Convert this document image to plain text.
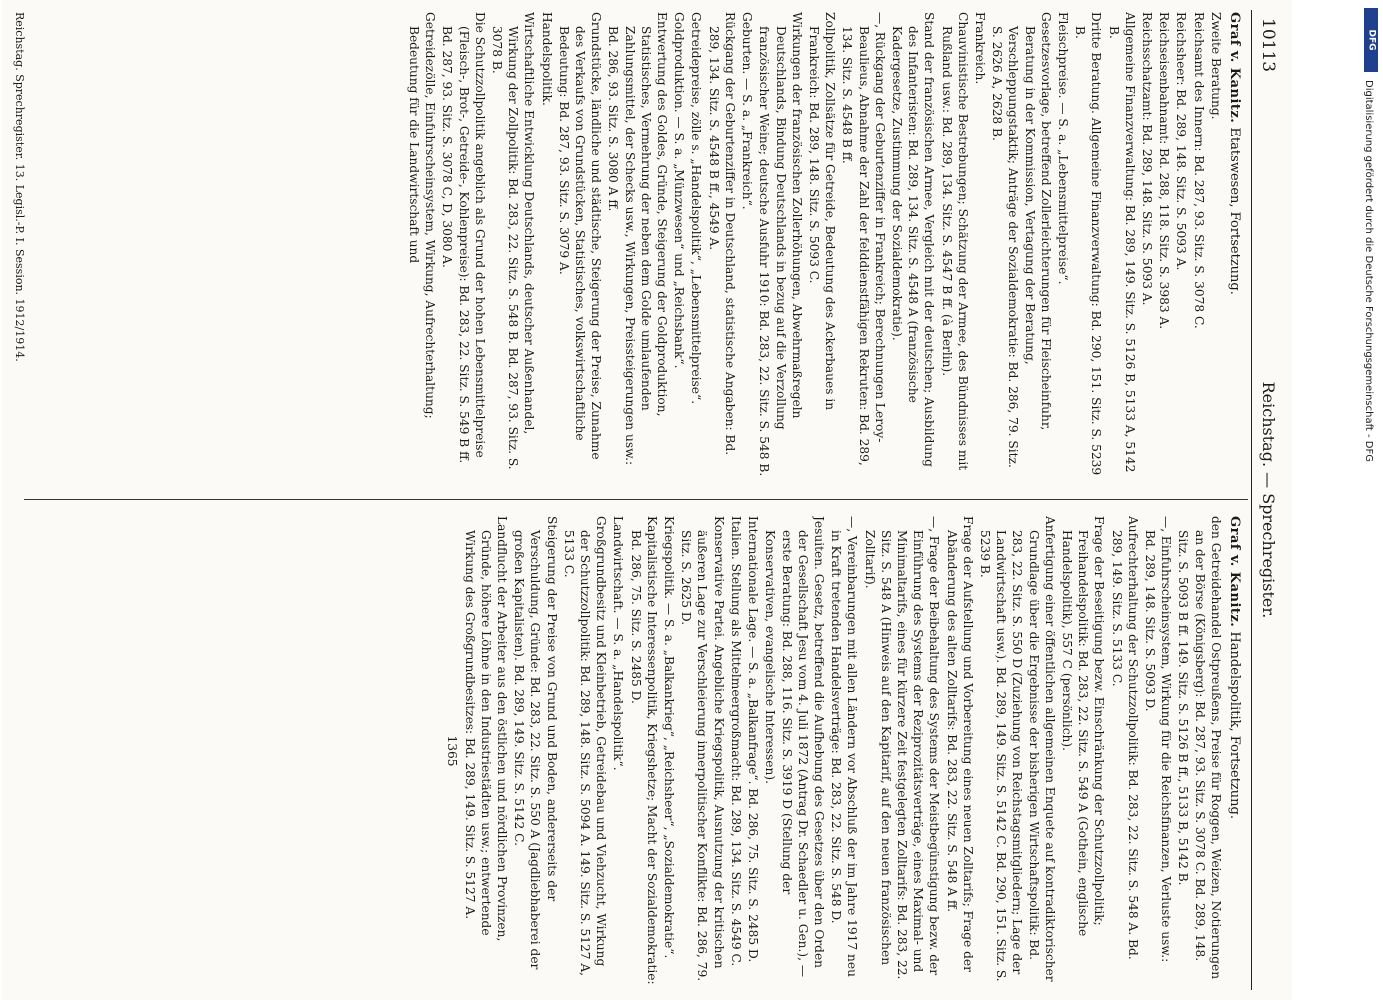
10113
Reichstag. — Sprechregister.
Graf v. Kanitz. Etatswesen, Fortsetzung.
Zweite Beratung.
Reichsamt des Innern: Bd. 287, 93. Sitz. S. 3078 C.
Reichsheer: Bd. 289, 148. Sitz. S. 5093 A.
Reichseisenbahnamt: Bd. 288, 118. Sitz. S. 3983 A.
Reichsschatzamt: Bd. 289, 148. Sitz. S. 5093 A.
Allgemeine Finanzverwaltung: Bd. 289, 149. Sitz. S. 5126 B, 5133 A, 5142 B.
Dritte Beratung. Allgemeine Finanzverwaltung: Bd. 290, 151. Sitz. S. 5239 B.
Fleischpreise. — S. a. „Lebensmittelpreise“.
Gesetzesvorlage, betreffend Zollerleichterungen für Fleischeinfuhr, Beratung in der Kommission, Vertagung der Beratung, Verschleppungstaktik; Anträge der Sozialdemokratie: Bd. 286, 79. Sitz. S. 2626 A, 2628 B.
Frankreich.
Chauvinistische Bestrebungen; Schätzung der Armee, des Bündnisses mit Rußland usw.: Bd. 289, 134. Sitz. S. 4547 B ff. (à Berlin).
Stand der französischen Armee, Vergleich mit der deutschen; Ausbildung des Infanteristen: Bd. 289, 134. Sitz. S. 4548 A (französische Kadergesetze, Zustimmung der Sozialdemokratie).
—, Rückgang der Geburtenziffer in Frankreich; Berechnungen Leroy-Beaulieus, Abnahme der Zahl der felddienstfähigen Rekruten: Bd. 289, 134. Sitz. S. 4548 B ff.
Zollpolitik, Zollsätze für Getreide, Bedeutung des Ackerbaues in Frankreich: Bd. 289, 148. Sitz. S. 5093 C.
Wirkungen der französischen Zollerhöhungen, Abwehrmaßregeln Deutschlands, Bindung Deutschlands in bezug auf die Verzollung französischer Weine; deutsche Ausfuhr 1910: Bd. 283, 22. Sitz. S. 548 B.
Geburten. — S. a. „Frankreich“.
Rückgang der Geburtenziffer in Deutschland, statistische Angaben: Bd. 289, 134. Sitz. S. 4548 B ff., 4549 A.
Getreidepreise, zölle s. „Handelspolitik“, „Lebensmittelpreise“.
Goldproduktion. — S. a. „Münzwesen“ und „Reichsbank“.
Entwertung des Goldes, Gründe, Steigerung der Goldproduktion, Statistisches, Vermehrung der neben dem Golde umlaufenden Zahlungsmittel, der Schecks usw., Wirkungen, Preissteigerungen usw.: Bd. 286, 93. Sitz. S. 3080 A ff.
Grundstücke, ländliche und städtische, Steigerung der Preise, Zunahme des Verkaufs von Grundstücken, Statistisches, volkswirtschaftliche Bedeutung: Bd. 287, 93. Sitz. S. 3079 A.
Handelspolitik.
Wirtschaftliche Entwicklung Deutschlands, deutscher Außenhandel, Wirkung der Zollpolitik: Bd. 283, 22. Sitz. S. 548 B. Bd. 287, 93. Sitz. S. 3078 B.
Die Schutzzollpolitik angeblich als Grund der hohen Lebensmittelpreise (Fleisch-, Brot-, Getreide-, Kohlenpreise): Bd. 283, 22. Sitz. S. 549 B ff. Bd. 287, 93. Sitz. S. 3078 C, D, 3080 A.
Getreidezölle, Einfuhrscheinsystem, Wirkung, Aufrechterhaltung; Bedeutung für die Landwirtschaft und
Graf v. Kanitz. Handelspolitik, Fortsetzung.
den Getreidehandel Ostpreußens, Preise für Roggen, Weizen, Notierungen an der Börse (Königsberg): Bd. 287, 93. Sitz. S. 3078 C. Bd. 289, 148. Sitz. S. 5093 B ff. 149. Sitz. S. 5126 B ff., 5133 B, 5142 B.
—, Einfuhrscheinsystem, Wirkung für die Reichsfinanzen, Verluste usw.: Bd. 289, 148. Sitz. S. 5093 D.
Aufrechterhaltung der Schutzzollpolitik: Bd. 283, 22. Sitz. S. 548 A. Bd. 289, 149. Sitz. S. 5133 C.
Frage der Beseitigung bezw. Einschränkung der Schutzzollpolitik; Freihandelspolitik: Bd. 283, 22. Sitz. S. 549 A (Gothein, englische Handelspolitik), 557 C (persönlich).
Anfertigung einer öffentlichen allgemeinen Enquete auf kontradiktorischer Grundlage über die Ergebnisse der bisherigen Wirtschaftspolitik: Bd. 283, 22. Sitz. S. 550 D (Zuziehung von Reichstagsmitgliedern; Lage der Landwirtschaft usw.). Bd. 289, 149. Sitz. S. 5142 C. Bd. 290, 151. Sitz. S. 5239 B.
Frage der Aufstellung und Vorbereitung eines neuen Zolltarifs; Frage der Abänderung des alten Zolltarifs: Bd. 283, 22. Sitz. S. 548 A ff.
—, Frage der Beibehaltung des Systems der Meistbegünstigung bezw. der Einführung des Systems der Reziprozitätsverträge, eines Maximal- und Minimaltarifs, eines für kürzere Zeit festgelegten Zolltarifs: Bd. 283, 22. Sitz. S. 548 A (Hinweis auf den Kapitarif, auf den neuen französischen Zolltarif).
—, Vereinbarungen mit allen Ländern vor Abschluß der im Jahre 1917 neu in Kraft tretenden Handelsverträge: Bd. 283, 22. Sitz. S. 548 D.
Jesuiten. Gesetz, betreffend die Aufhebung des Gesetzes über den Orden der Gesellschaft Jesu vom 4. Juli 1872 (Antrag Dr. Schaedler u. Gen.), — erste Beratung: Bd. 288, 116. Sitz. S. 3919 D (Stellung der Konservativen, evangelische Interessen).
Internationale Lage. — S. a. „Balkanfrage“. Bd. 286, 75. Sitz. S. 2485 D.
Italien. Stellung als Mittelmeergroßmacht: Bd. 289, 134. Sitz. S. 4549 C.
Konservative Partei. Angebliche Kriegspolitik, Ausnutzung der kritischen äußeren Lage zur Verschleierung innerpolitischer Konflikte: Bd. 286, 79. Sitz. S. 2625 D.
Kriegspolitik. — S. a. „Balkankrieg“, „Reichsheer“, „Sozialdemokratie“.
Kapitalistische Interessenpolitik, Kriegshetze; Macht der Sozialdemokratie: Bd. 286, 75. Sitz. S. 2485 D.
Landwirtschaft. — S. a. „Handelspolitik“.
Großgrundbesitz und Kleinbetrieb, Getreidebau und Viehzucht, Wirkung der Schutzzollpolitik: Bd. 289, 148. Sitz. S. 5094 A. 149. Sitz. S. 5127 A, 5133 C.
Steigerung der Preise von Grund und Boden, andererseits der Verschuldung, Gründe: Bd. 283, 22. Sitz. S. 550 A (Jagdliebhaberei der großen Kapitalisten). Bd. 289, 149. Sitz. S. 5142 C.
Landflucht der Arbeiter aus den östlichen und nördlichen Provinzen, Gründe, höhere Löhne in den Industriestädten usw.; entwertende Wirkung des Großgrundbesitzes: Bd. 289, 149. Sitz. S. 5127 A.
1365
Reichstag. Sprechregister. 13. Legisl.-P. I. Session. 1912/1914.	DFG
Digitalisierung gefördert durch die Deutsche Forschungsgemeinschaft - DFG
